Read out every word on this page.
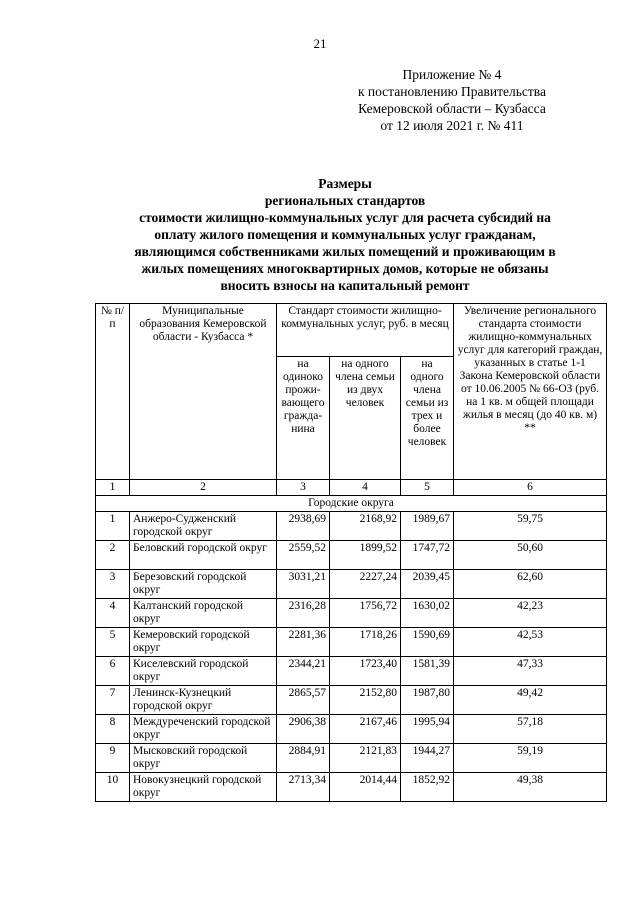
21
Приложение № 4
к постановлению Правительства
Кемеровской области – Кузбасса
от 12 июля 2021 г. № 411
Размеры
региональных стандартов
стоимости жилищно-коммунальных услуг для расчета субсидий на
оплату жилого помещения и коммунальных услуг гражданам,
являющимся собственниками жилых помещений и проживающим в
жилых помещениях многоквартирных домов, которые не обязаны
вносить взносы на капитальный ремонт
№ п/п	Муниципальные образования Кемеровской области - Кузбасса *	Стандарт стоимости жилищно-коммунальных услуг, руб. в месяц			Увеличение регионального стандарта стоимости жилищно-коммунальных услуг для категорий граждан, указанных в статье 1-1 Закона Кемеровской области от 10.06.2005 № 66-ОЗ (руб. на 1 кв. м общей площади жилья в месяц (до 40 кв. м) **
		на одиноко прожи-вающего гражда-нина	на одного члена семьи из двух человек	на одного члена семьи из трех и более человек	
1	2	3	4	5	6
Городские округа					
1	Анжеро-Судженский городской округ	2938,69	2168,92	1989,67	59,75
2	Беловский городской округ	2559,52	1899,52	1747,72	50,60
3	Березовский городской округ	3031,21	2227,24	2039,45	62,60
4	Калтанский городской округ	2316,28	1756,72	1630,02	42,23
5	Кемеровский городской округ	2281,36	1718,26	1590,69	42,53
6	Киселевский городской округ	2344,21	1723,40	1581,39	47,33
7	Ленинск-Кузнецкий городской округ	2865,57	2152,80	1987,80	49,42
8	Междуреченский городской округ	2906,38	2167,46	1995,94	57,18
9	Мысковский городской округ	2884,91	2121,83	1944,27	59,19
10	Новокузнецкий городской округ	2713,34	2014,44	1852,92	49,38
